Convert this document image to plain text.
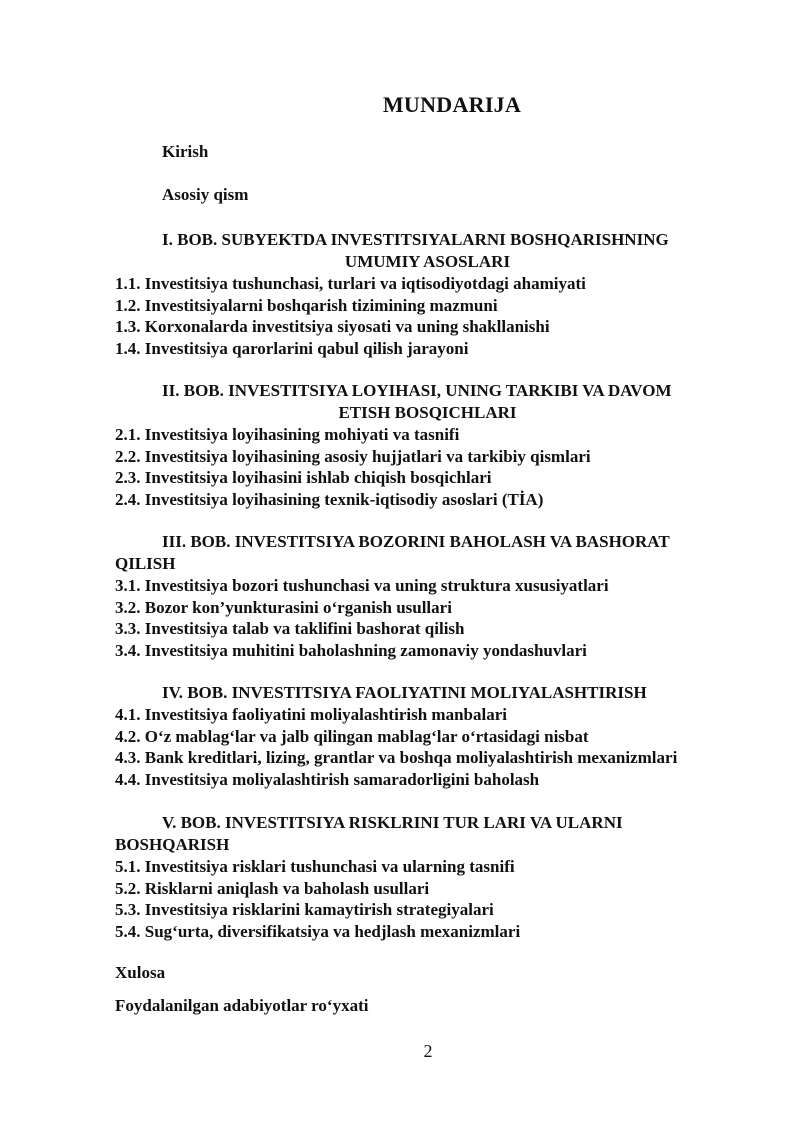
MUNDARIJA
Kirish
Asosiy qism
I. BOB. SUBYEKTDA INVESTITSIYALARNI BOSHQARISHNING
UMUMIY ASOSLARI
1.1. Investitsiya tushunchasi, turlari va iqtisodiyotdagi ahamiyati
1.2. Investitsiyalarni boshqarish tizimining mazmuni
1.3. Korxonalarda investitsiya siyosati va uning shakllanishi
1.4. Investitsiya qarorlarini qabul qilish jarayoni
II. BOB. INVESTITSIYA LOYIHASI, UNING TARKIBI VA DAVOM
ETISH BOSQICHLARI
2.1. Investitsiya loyihasining mohiyati va tasnifi
2.2. Investitsiya loyihasining asosiy hujjatlari va tarkibiy qismlari
2.3. Investitsiya loyihasini ishlab chiqish bosqichlari
2.4. Investitsiya loyihasining texnik-iqtisodiy asoslari (TİA)
III. BOB. INVESTITSIYA BOZORINI BAHOLASH VA BASHORAT
QILISH
3.1. Investitsiya bozori tushunchasi va uning struktura xususiyatlari
3.2. Bozor kon’yunkturasini o‘rganish usullari
3.3. Investitsiya talab va taklifini bashorat qilish
3.4. Investitsiya muhitini baholashning zamonaviy yondashuvlari
IV. BOB. INVESTITSIYA FAOLIYATINI MOLIYALASHTIRISH
4.1. Investitsiya faoliyatini moliyalashtirish manbalari
4.2. O‘z mablag‘lar va jalb qilingan mablag‘lar o‘rtasidagi nisbat
4.3. Bank kreditlari, lizing, grantlar va boshqa moliyalashtirish mexanizmlari
4.4. Investitsiya moliyalashtirish samaradorligini baholash
V. BOB. INVESTITSIYA RISKLRINI TUR LARI VA ULARNI
BOSHQARISH
5.1. Investitsiya risklari tushunchasi va ularning tasnifi
5.2. Risklarni aniqlash va baholash usullari
5.3. Investitsiya risklarini kamaytirish strategiyalari
5.4. Sug‘urta, diversifikatsiya va hedjlash mexanizmlari
Xulosa
Foydalanilgan adabiyotlar ro‘yxati
2
